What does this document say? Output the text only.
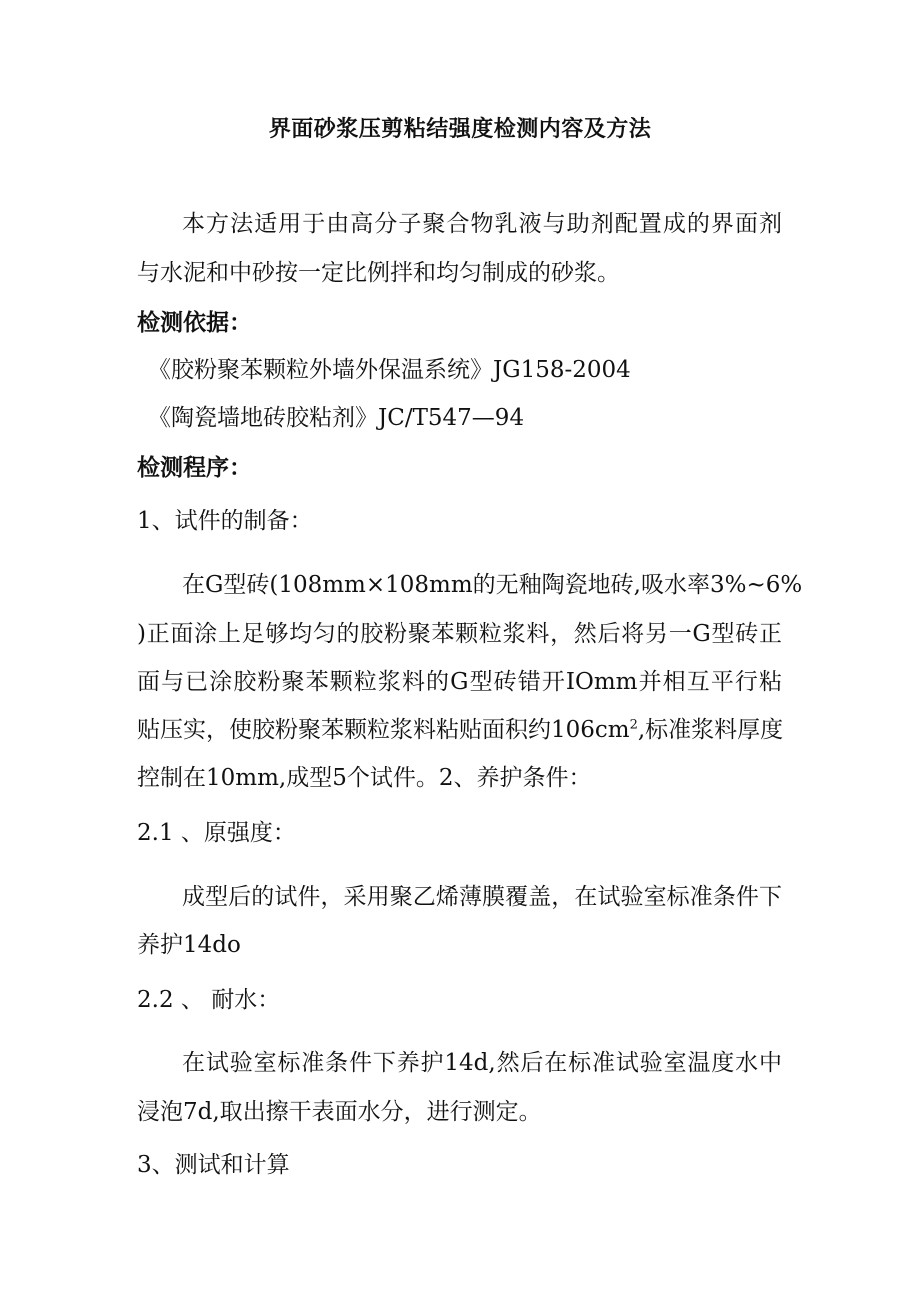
界面砂浆压剪粘结强度检测内容及方法
本方法适用于由高分子聚合物乳液与助剂配置成的界面剂
与水泥和中砂按一定比例拌和均匀制成的砂浆。
检测依据：
《胶粉聚苯颗粒外墙外保温系统》JG158-2004
《陶瓷墙地砖胶粘剂》JC/T547—94
检测程序：
1、试件的制备：
在G型砖(108mm×108mm的无釉陶瓷地砖,吸水率3%~6%
)正面涂上足够均匀的胶粉聚苯颗粒浆料，然后将另一G型砖正
面与已涂胶粉聚苯颗粒浆料的G型砖错开IOmm并相互平行粘
贴压实，使胶粉聚苯颗粒浆料粘贴面积约$106cm^2$,标准浆料厚度
控制在10mm,成型5个试件。2、养护条件：
2.1 、原强度：
成型后的试件，采用聚乙烯薄膜覆盖，在试验室标准条件下
养护14do
2.2 、 耐水：
在试验室标准条件下养护14d,然后在标准试验室温度水中
浸泡7d,取出擦干表面水分，进行测定。
3、测试和计算
